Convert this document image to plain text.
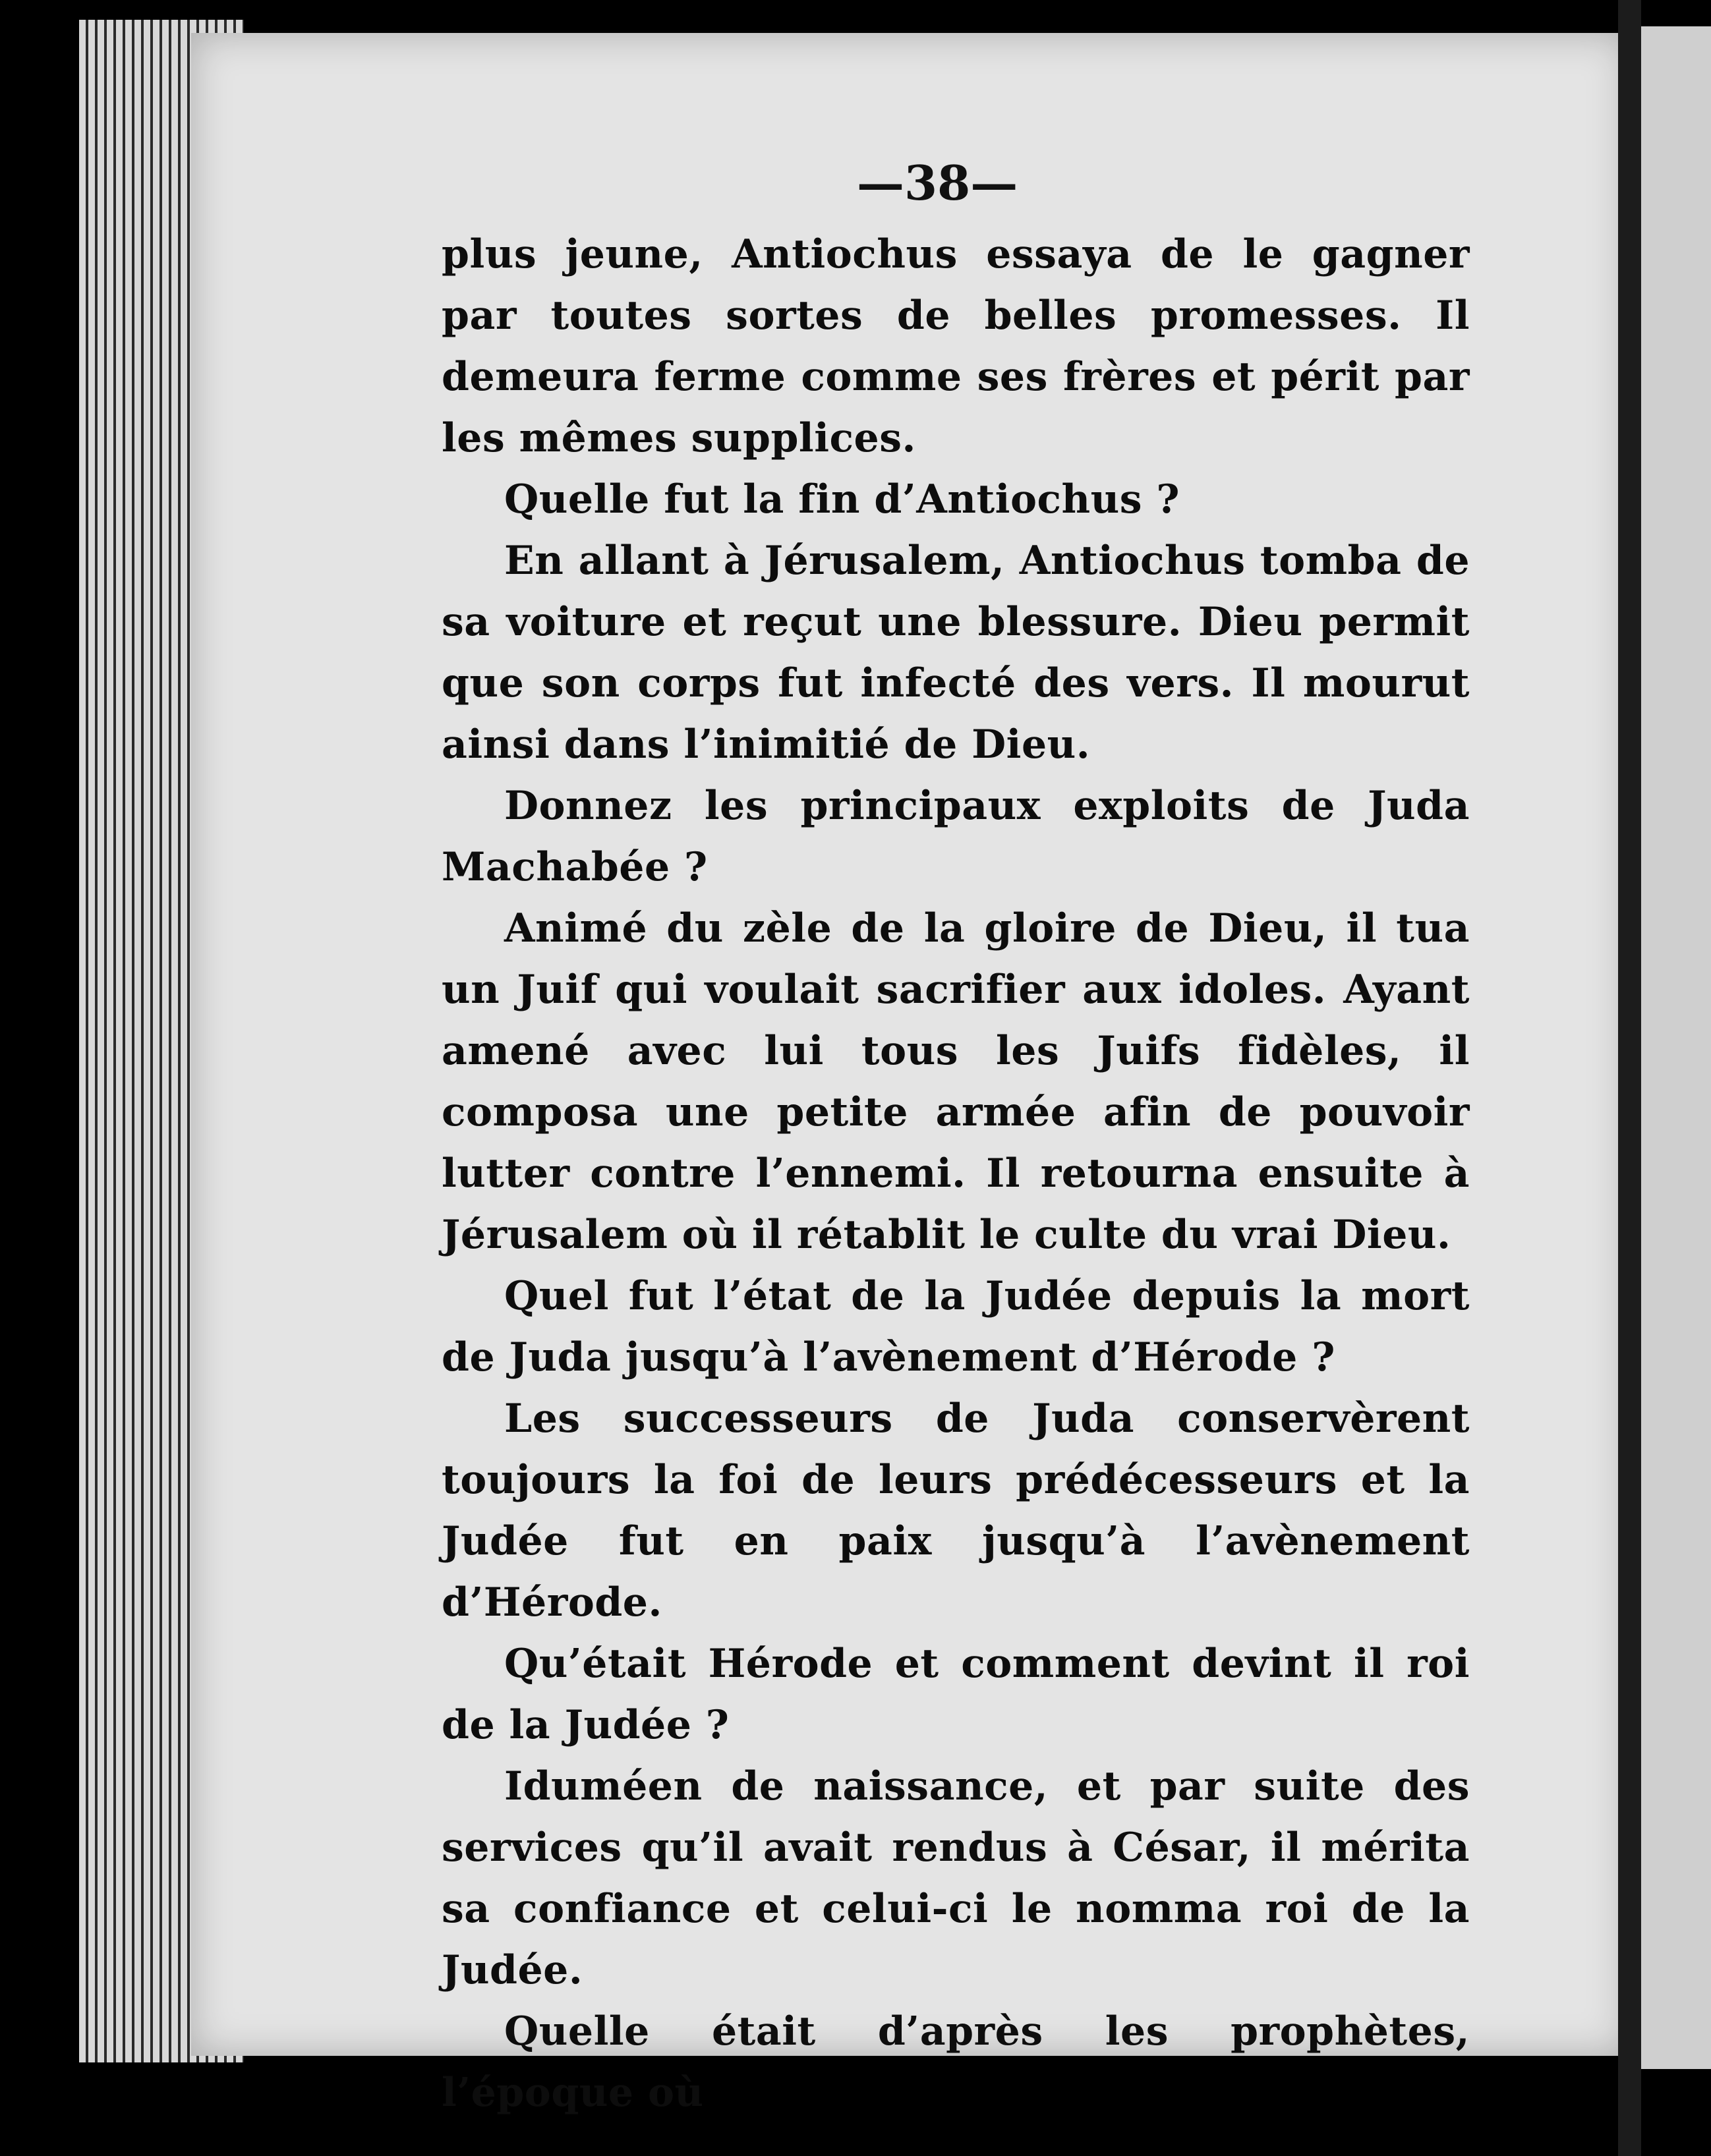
—38—

plus jeune, Antiochus essaya de le gagner par toutes sortes de belles promesses. Il demeura ferme comme ses frères et périt par les mêmes supplices.

Quelle fut la fin d’Antiochus ?

En allant à Jérusalem, Antiochus tomba de sa voiture et reçut une blessure. Dieu permit que son corps fut infecté des vers. Il mourut ainsi dans l’inimitié de Dieu.

Donnez les principaux exploits de Juda Machabée ?

Animé du zèle de la gloire de Dieu, il tua un Juif qui voulait sacrifier aux idoles. Ayant amené avec lui tous les Juifs fidèles, il composa une petite armée afin de pouvoir lutter contre l’ennemi. Il retourna ensuite à Jérusalem où il rétablit le culte du vrai Dieu.

Quel fut l’état de la Judée depuis la mort de Juda jusqu’à l’avènement d’Hérode ?

Les successeurs de Juda conservèrent toujours la foi de leurs prédécesseurs et la Judée fut en paix jusqu’à l’avènement d’Hérode.

Qu’était Hérode et comment devint il roi de la Judée ?

Iduméen de naissance, et par suite des services qu’il avait rendus à César, il mérita sa confiance et celui-ci le nomma roi de la Judée.

Quelle était d’après les prophètes, l’époque où
